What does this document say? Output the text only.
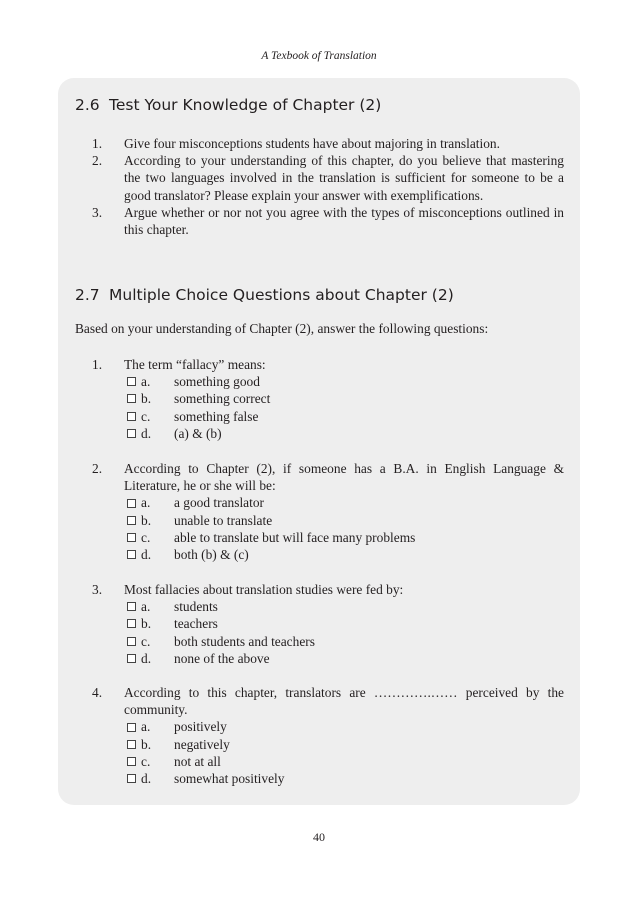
A Texbook of Translation
2.6 Test Your Knowledge of Chapter (2)
1.	Give four misconceptions students have about majoring in translation.
2.	According to your understanding of this chapter, do you believe that mastering the two languages involved in the translation is sufficient for someone to be a good translator? Please explain your answer with exemplifications.
3.	Argue whether or nor not you agree with the types of misconceptions outlined in this chapter.
2.7 Multiple Choice Questions about Chapter (2)
Based on your understanding of Chapter (2), answer the following questions:
1.	The term “fallacy” means:
a.	something good
b.	something correct
c.	something false
d.	(a) & (b)
2.	According to Chapter (2), if someone has a B.A. in English Language & Literature, he or she will be:
a.	a good translator
b.	unable to translate
c.	able to translate but will face many problems
d.	both (b) & (c)
3.	Most fallacies about translation studies were fed by:
a.	students
b.	teachers
c.	both students and teachers
d.	none of the above
4.	According to this chapter, translators are ………….…… perceived by the community.
a.	positively
b.	negatively
c.	not at all
d.	somewhat positively
40
